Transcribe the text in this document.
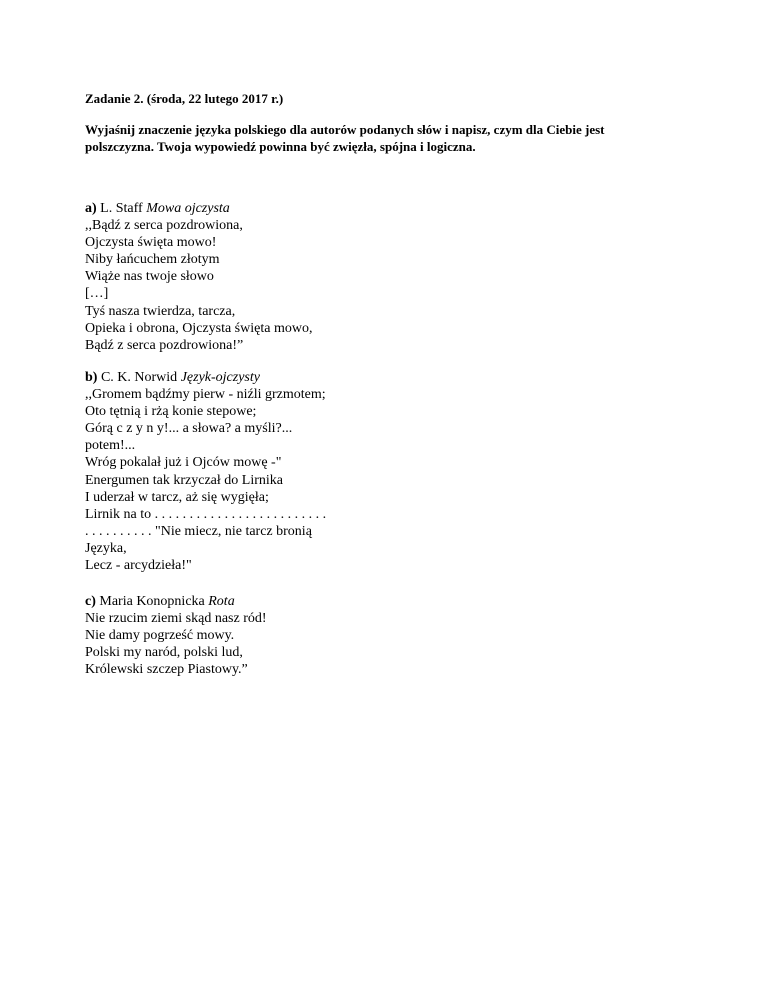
Zadanie 2. (środa, 22 lutego 2017 r.)
Wyjaśnij znaczenie języka polskiego dla autorów podanych słów i napisz, czym dla Ciebie jest
polszczyzna. Twoja wypowiedź powinna być zwięzła, spójna i logiczna.
a) L. Staff Mowa ojczysta
,,Bądź z serca pozdrowiona,
Ojczysta święta mowo!
Niby łańcuchem złotym
Wiąże nas twoje słowo
[…]
Tyś nasza twierdza, tarcza,
Opieka i obrona, Ojczysta święta mowo,
Bądź z serca pozdrowiona!”
b) C. K. Norwid Język-ojczysty
,,Gromem bądźmy pierw - niźli grzmotem;
Oto tętnią i rżą konie stepowe;
Górą c z y n y!... a słowa? a myśli?...
potem!...
Wróg pokalał już i Ojców mowę -"
Energumen tak krzyczał do Lirnika
I uderzał w tarcz, aż się wygięła;
Lirnik na to . . . . . . . . . . . . . . . . . . . . . . . . .
. . . . . . . . . . "Nie miecz, nie tarcz bronią
Języka,
Lecz - arcydzieła!"
c) Maria Konopnicka Rota
Nie rzucim ziemi skąd nasz ród!
Nie damy pogrześć mowy.
Polski my naród, polski lud,
Królewski szczep Piastowy.”
